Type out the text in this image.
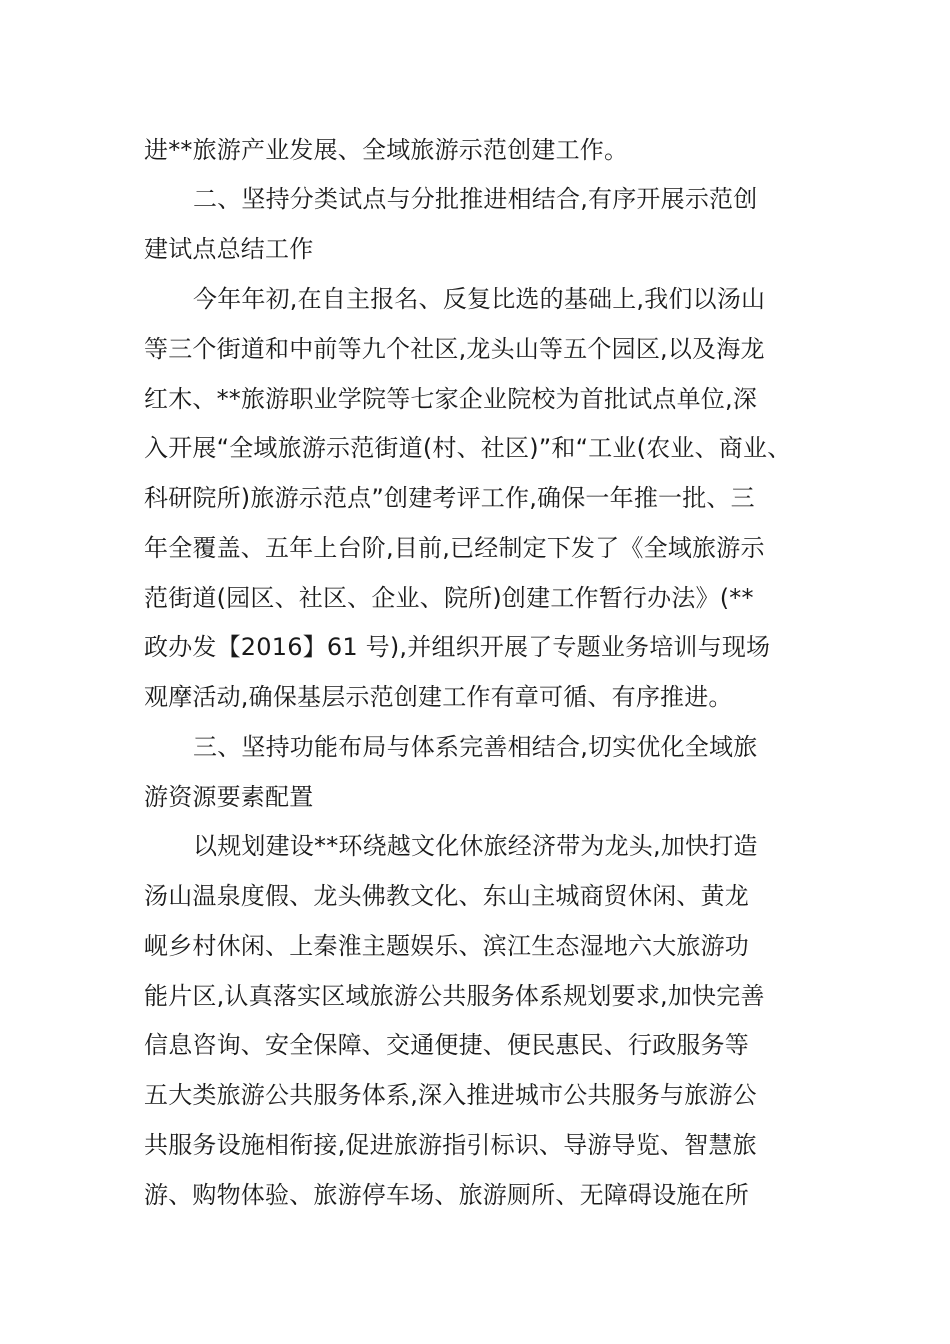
进**旅游产业发展、全域旅游示范创建工作。
二、坚持分类试点与分批推进相结合,有序开展示范创
建试点总结工作
今年年初,在自主报名、反复比选的基础上,我们以汤山
等三个街道和中前等九个社区,龙头山等五个园区,以及海龙
红木、**旅游职业学院等七家企业院校为首批试点单位,深
入开展“全域旅游示范街道(村、社区)”和“工业(农业、商业、
科研院所)旅游示范点”创建考评工作,确保一年推一批、三
年全覆盖、五年上台阶,目前,已经制定下发了《全域旅游示
范街道(园区、社区、企业、院所)创建工作暂行办法》(**
政办发【2016】61 号),并组织开展了专题业务培训与现场
观摩活动,确保基层示范创建工作有章可循、有序推进。
三、坚持功能布局与体系完善相结合,切实优化全域旅
游资源要素配置
以规划建设**环绕越文化休旅经济带为龙头,加快打造
汤山温泉度假、龙头佛教文化、东山主城商贸休闲、黄龙
岘乡村休闲、上秦淮主题娱乐、滨江生态湿地六大旅游功
能片区,认真落实区域旅游公共服务体系规划要求,加快完善
信息咨询、安全保障、交通便捷、便民惠民、行政服务等
五大类旅游公共服务体系,深入推进城市公共服务与旅游公
共服务设施相衔接,促进旅游指引标识、导游导览、智慧旅
游、购物体验、旅游停车场、旅游厕所、无障碍设施在所
